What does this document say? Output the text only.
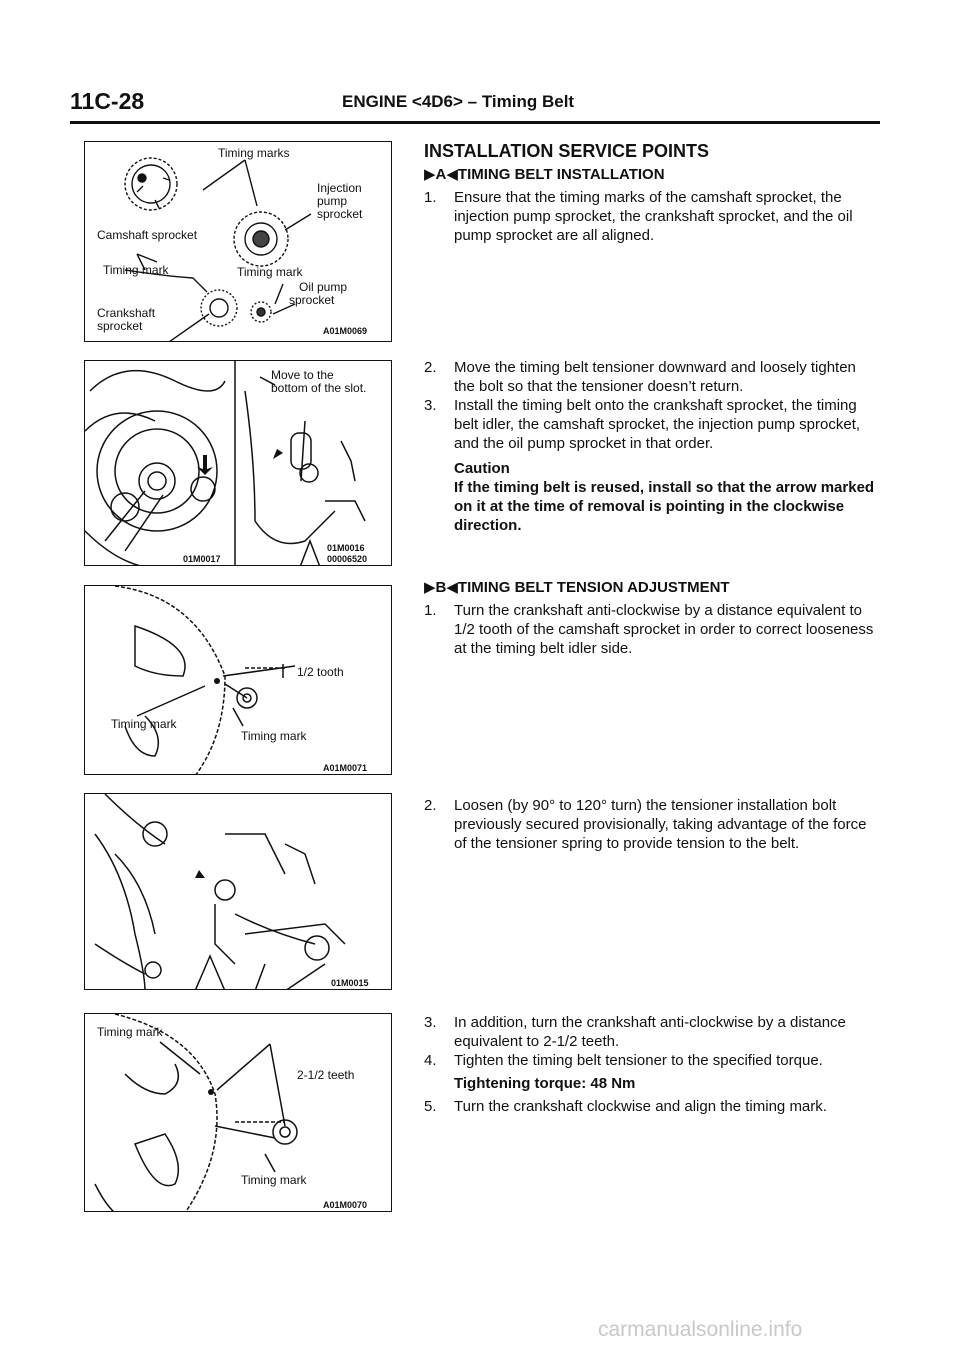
11C-28	ENGINE <4D6> – Timing Belt
Timing marks
Injection
pump
sprocket
Camshaft sprocket
Timing mark	Timing mark
Oil pump
sprocket
Crankshaft
sprocket	A01M0069
Move to the
bottom of the slot.
01M0017
01M0016
00006520
1/2 tooth
Timing mark
Timing mark
A01M0071
01M0015
Timing mark
2-1/2 teeth
Timing mark
A01M0070

INSTALLATION SERVICE POINTS

▶A◀TIMING BELT INSTALLATION

1. Ensure that the timing marks of the camshaft sprocket, the injection pump sprocket, the crankshaft sprocket, and the oil pump sprocket are all aligned.

2. Move the timing belt tensioner downward and loosely tighten the bolt so that the tensioner doesn’t return.

3. Install the timing belt onto the crankshaft sprocket, the timing belt idler, the camshaft sprocket, the injection pump sprocket, and the oil pump sprocket in that order.

Caution

If the timing belt is reused, install so that the arrow marked on it at the time of removal is pointing in the clockwise direction.

▶B◀TIMING BELT TENSION ADJUSTMENT

1. Turn the crankshaft anti-clockwise by a distance equivalent to 1/2 tooth of the camshaft sprocket in order to correct looseness at the timing belt idler side.

2. Loosen (by 90° to 120° turn) the tensioner installation bolt previously secured provisionally, taking advantage of the force of the tensioner spring to provide tension to the belt.

3. In addition, turn the crankshaft anti-clockwise by a distance equivalent to 2-1/2 teeth.

4. Tighten the timing belt tensioner to the specified torque.

Tightening torque: 48 Nm

5. Turn the crankshaft clockwise and align the timing mark.

carmanualsonline.info
